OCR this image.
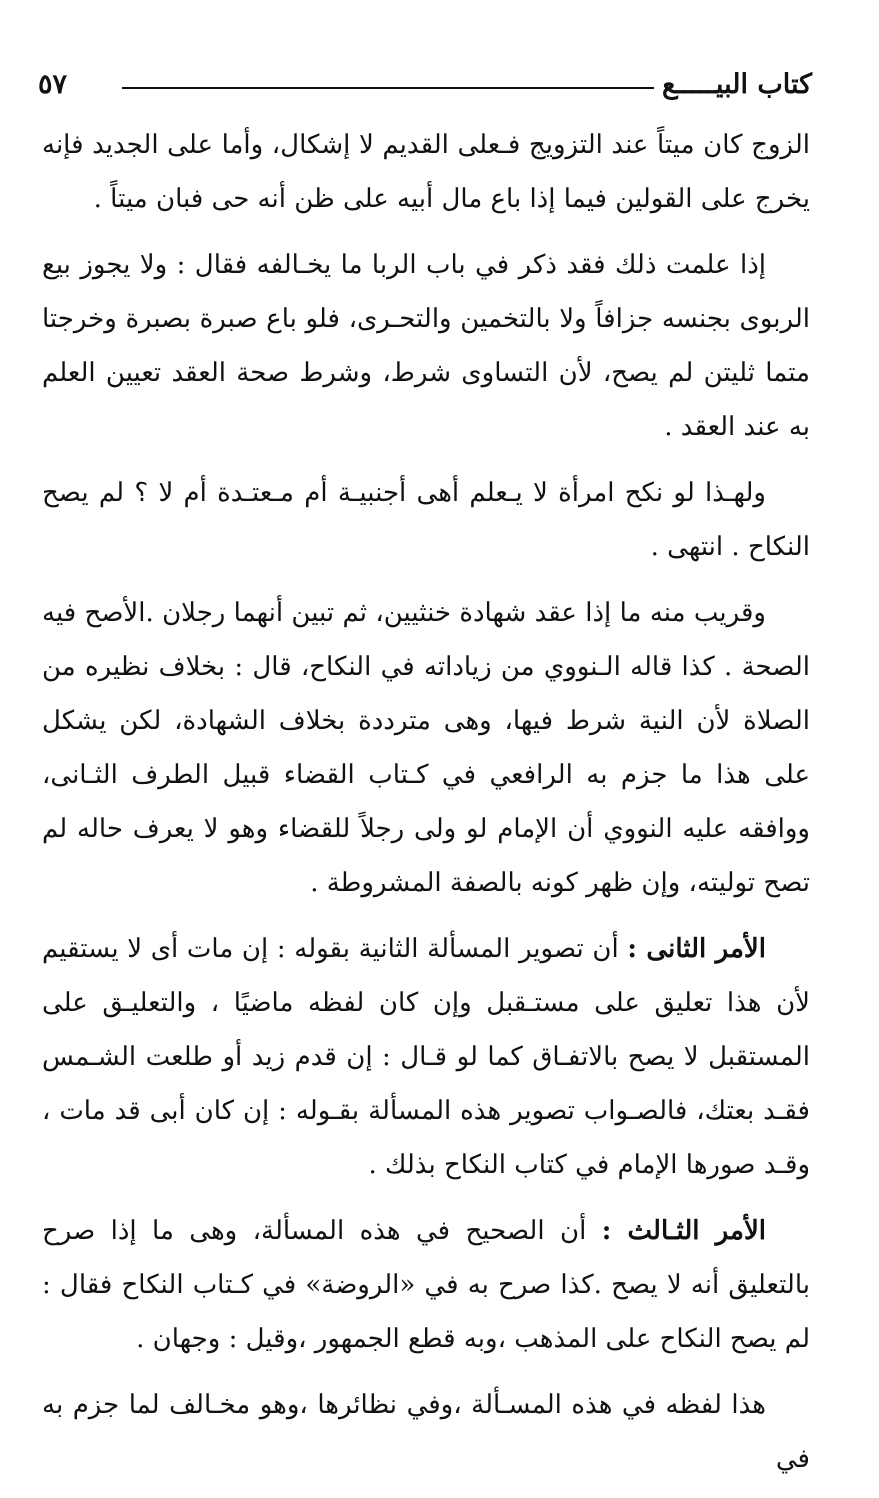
كتاب البيـــــع
٥٧

الزوج كان ميتاً عند التزويج فـعلى القديم لا إشكال، وأما على الجديد فإنه يخرج على القولين فيما إذا باع مال أبيه على ظن أنه حى فبان ميتاً .

إذا علمت ذلك فقد ذكر في باب الربا ما يخـالفه فقال : ولا يجوز بيع الربوى بجنسه جزافاً ولا بالتخمين والتحـرى، فلو باع صبرة بصبرة وخرجتا متما ثليتن لم يصح، لأن التساوى شرط، وشرط صحة العقد تعيين العلم به عند العقد .

ولهـذا لو نكح امرأة لا يـعلم أهى أجنبيـة أم مـعتـدة أم لا ؟ لم يصح النكاح . انتهى .

وقريب منه ما إذا عقد شهادة خنثيين، ثم تبين أنهما رجلان .الأصح فيه الصحة . كذا قاله الـنووي من زياداته في النكاح، قال : بخلاف نظيره من الصلاة لأن النية شرط فيها، وهى مترددة بخلاف الشهادة، لكن يشكل على هذا ما جزم به الرافعي في كـتاب القضاء قبيل الطرف الثـانى، ووافقه عليه النووي أن الإمام لو ولى رجلاً للقضاء وهو لا يعرف حاله لم تصح توليته، وإن ظهر كونه بالصفة المشروطة .

الأمر الثانى : أن تصوير المسألة الثانية بقوله : إن مات أى لا يستقيم لأن هذا تعليق على مستـقبل وإن كان لفظه ماضيًا ، والتعليـق على المستقبل لا يصح بالاتفـاق كما لو قـال : إن قدم زيد أو طلعت الشـمس فقـد بعتك، فالصـواب تصوير هذه المسألة بقـوله : إن كان أبى قد مات ، وقـد صورها الإمام في كتاب النكاح بذلك .

الأمر الثـالث : أن الصحيح في هذه المسألة، وهى ما إذا صرح بالتعليق أنه لا يصح .كذا صرح به في «الروضة» في كـتاب النكاح فقال : لم يصح النكاح على المذهب ،وبه قطع الجمهور ،وقيل : وجهان .

هذا لفظه في هذه المسـألة ،وفي نظائرها ،وهو مخـالف لما جزم به في
